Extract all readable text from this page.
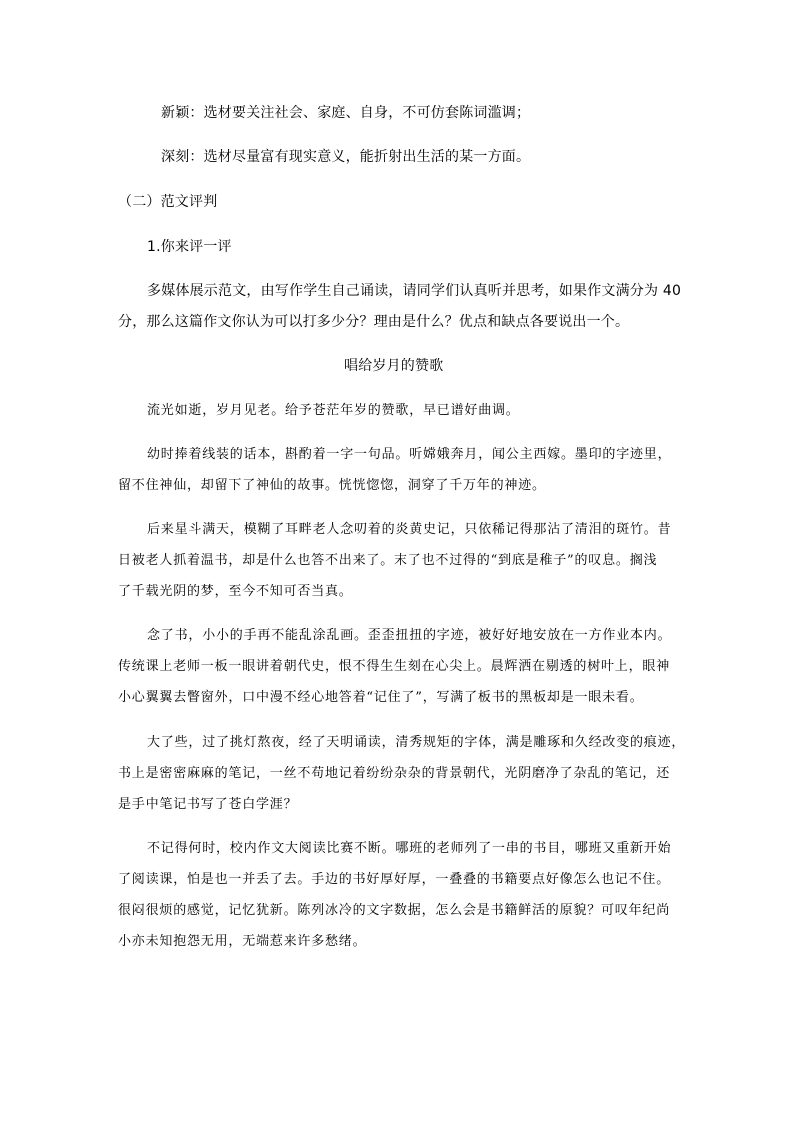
新颖：选材要关注社会、家庭、自身，不可仿套陈词滥调；
深刻：选材尽量富有现实意义，能折射出生活的某一方面。
（二）范文评判
1.你来评一评
多媒体展示范文，由写作学生自己诵读，请同学们认真听并思考，如果作文满分为 40
分，那么这篇作文你认为可以打多少分？理由是什么？优点和缺点各要说出一个。
唱给岁月的赞歌
流光如逝，岁月见老。给予苍茫年岁的赞歌，早已谱好曲调。
幼时捧着线装的话本，斟酌着一字一句品。听嫦娥奔月，闻公主西嫁。墨印的字迹里，
留不住神仙，却留下了神仙的故事。恍恍惚惚，洞穿了千万年的神迹。
后来星斗满天，模糊了耳畔老人念叨着的炎黄史记，只依稀记得那沾了清泪的斑竹。昔
日被老人抓着温书，却是什么也答不出来了。末了也不过得的“到底是稚子”的叹息。搁浅
了千载光阴的梦，至今不知可否当真。
念了书，小小的手再不能乱涂乱画。歪歪扭扭的字迹，被好好地安放在一方作业本内。
传统课上老师一板一眼讲着朝代史，恨不得生生刻在心尖上。晨辉洒在剔透的树叶上，眼神
小心翼翼去瞥窗外，口中漫不经心地答着“记住了”，写满了板书的黑板却是一眼未看。
大了些，过了挑灯熬夜，经了天明诵读，清秀规矩的字体，满是雕琢和久经改变的痕迹，
书上是密密麻麻的笔记，一丝不苟地记着纷纷杂杂的背景朝代，光阴磨净了杂乱的笔记，还
是手中笔记书写了苍白学涯？
不记得何时，校内作文大阅读比赛不断。哪班的老师列了一串的书目，哪班又重新开始
了阅读课，怕是也一并丢了去。手边的书好厚好厚，一叠叠的书籍要点好像怎么也记不住。
很闷很烦的感觉，记忆犹新。陈列冰冷的文字数据，怎么会是书籍鲜活的原貌？可叹年纪尚
小亦未知抱怨无用，无端惹来许多愁绪。
